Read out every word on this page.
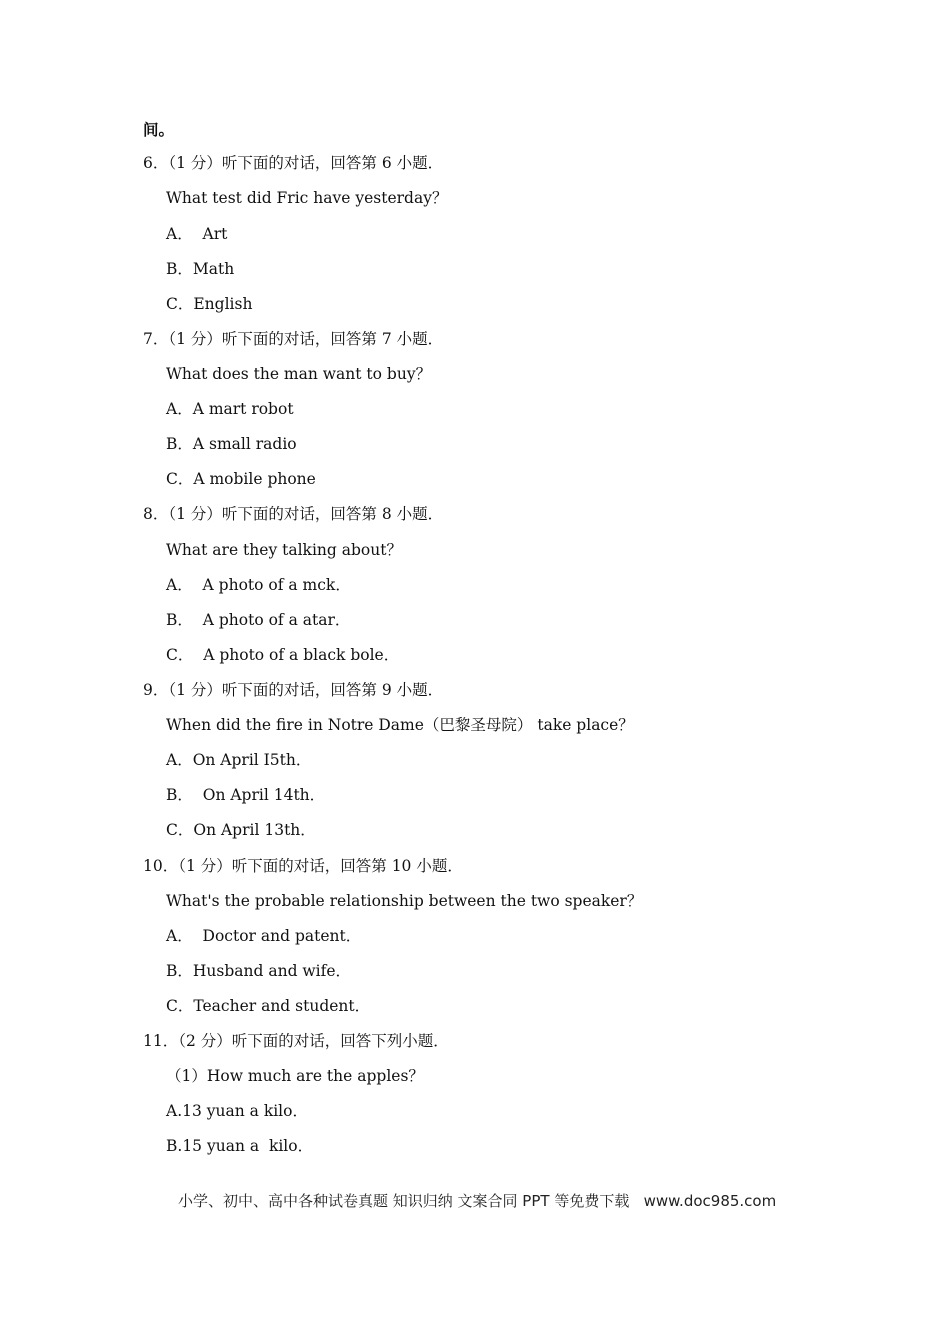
间。
6．（1 分）听下面的对话，回答第 6 小题．
What test did Fric have yesterday？
A．  Art
B．Math
C．English
7．（1 分）听下面的对话，回答第 7 小题．
What does the man want to buy？
A．A mart robot
B．A small radio
C．A mobile phone
8．（1 分）听下面的对话，回答第 8 小题．
What are they talking about？
A．  A photo of a mck．
B．  A photo of a atar．
C．  A photo of a black bole．
9．（1 分）听下面的对话，回答第 9 小题．
When did the fire in Notre Dame（巴黎圣母院） take place？
A．On April I5th．
B．  On April 14th．
C．On April 13th．
10．（1 分）听下面的对话，回答第 10 小题．
What's the probable relationship between the two speaker？
A．  Doctor and patent．
B．Husband and wife．
C．Teacher and student．
11．（2 分）听下面的对话，回答下列小题．
（1）How much are the apples？
A.13 yuan a kilo．
B.15 yuan a  kilo．
小学、初中、高中各种试卷真题 知识归纳 文案合同 PPT 等免费下载   www.doc985.com
